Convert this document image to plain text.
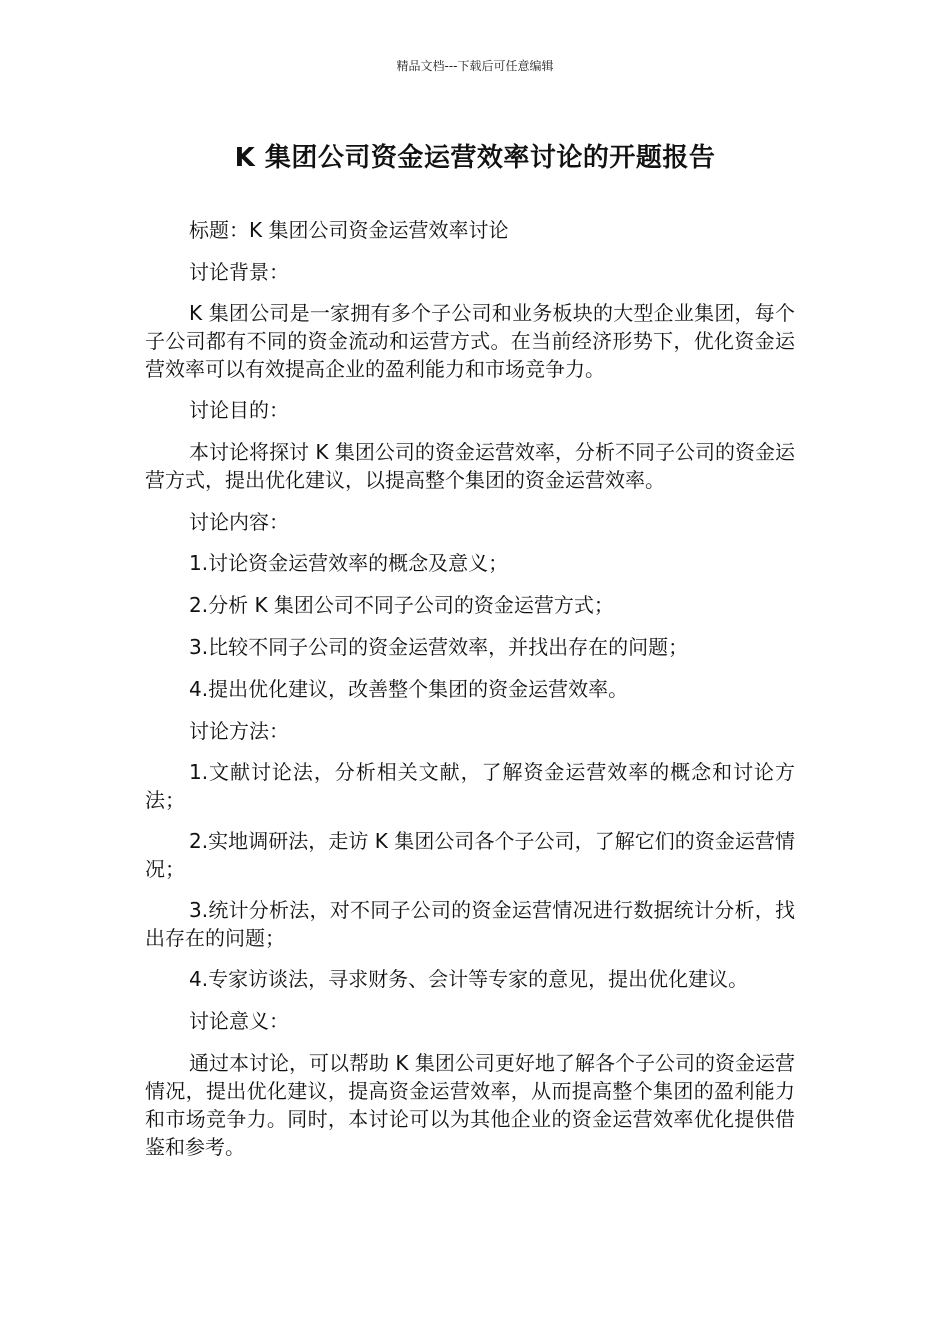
精品文档---下载后可任意编辑
K 集团公司资金运营效率讨论的开题报告

标题：K 集团公司资金运营效率讨论

讨论背景：

K 集团公司是一家拥有多个子公司和业务板块的大型企业集团，每个子公司都有不同的资金流动和运营方式。在当前经济形势下，优化资金运营效率可以有效提高企业的盈利能力和市场竞争力。

讨论目的：

本讨论将探讨 K 集团公司的资金运营效率，分析不同子公司的资金运营方式，提出优化建议，以提高整个集团的资金运营效率。

讨论内容：

1.讨论资金运营效率的概念及意义；

2.分析 K 集团公司不同子公司的资金运营方式；

3.比较不同子公司的资金运营效率，并找出存在的问题；

4.提出优化建议，改善整个集团的资金运营效率。

讨论方法：

1.文献讨论法，分析相关文献，了解资金运营效率的概念和讨论方法；

2.实地调研法，走访 K 集团公司各个子公司，了解它们的资金运营情况；

3.统计分析法，对不同子公司的资金运营情况进行数据统计分析，找出存在的问题；

4.专家访谈法，寻求财务、会计等专家的意见，提出优化建议。

讨论意义：

通过本讨论，可以帮助 K 集团公司更好地了解各个子公司的资金运营情况，提出优化建议，提高资金运营效率，从而提高整个集团的盈利能力和市场竞争力。同时，本讨论可以为其他企业的资金运营效率优化提供借鉴和参考。
